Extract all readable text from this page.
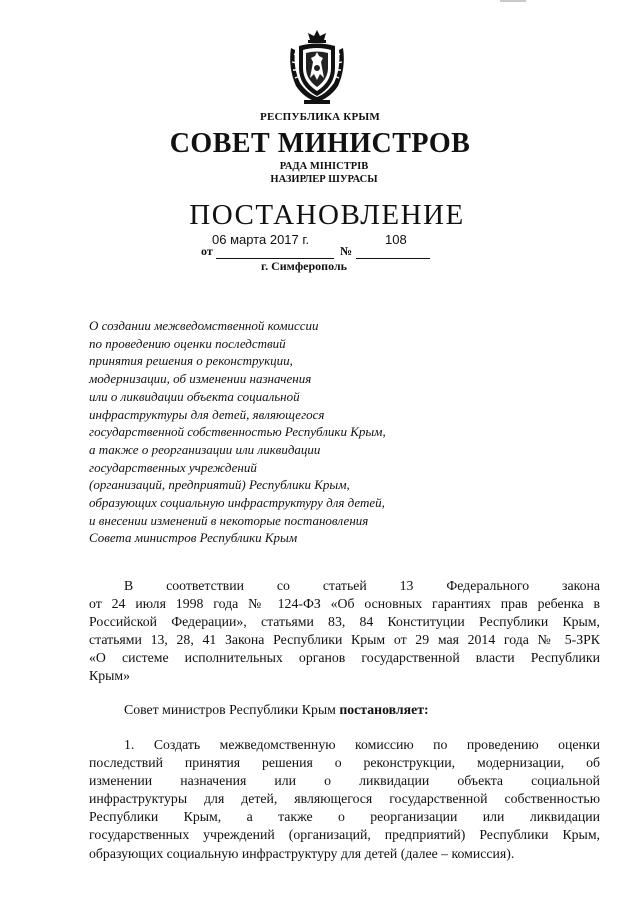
РЕСПУБЛИКА КРЫМ
СОВЕТ МИНИСТРОВ
РАДА МІНІСТРІВ
НАЗИРЛЕР ШУРАСЫ
ПОСТАНОВЛЕНИЕ
06 марта 2017 г.	108
от	№
г. Симферополь
О создании межведомственной комиссии
по проведению оценки последствий
принятия решения о реконструкции,
модернизации, об изменении назначения
или о ликвидации объекта социальной
инфраструктуры для детей, являющегося
государственной собственностью Республики Крым,
а также о реорганизации или ликвидации
государственных учреждений
(организаций, предприятий) Республики Крым,
образующих социальную инфраструктуру для детей,
и внесении изменений в некоторые постановления
Совета министров Республики Крым
В соответствии со статьей 13 Федерального закона
от 24 июля 1998 года № 124-ФЗ «Об основных гарантиях прав ребенка в
Российской Федерации», статьями 83, 84 Конституции Республики Крым,
статьями 13, 28, 41 Закона Республики Крым от 29 мая 2014 года № 5-ЗРК
«О системе исполнительных органов государственной власти Республики
Крым»
Совет министров Республики Крым постановляет:
1. Создать межведомственную комиссию по проведению оценки
последствий принятия решения о реконструкции, модернизации, об
изменении назначения или о ликвидации объекта социальной
инфраструктуры для детей, являющегося государственной собственностью
Республики Крым, а также о реорганизации или ликвидации
государственных учреждений (организаций, предприятий) Республики Крым,
образующих социальную инфраструктуру для детей (далее – комиссия).
